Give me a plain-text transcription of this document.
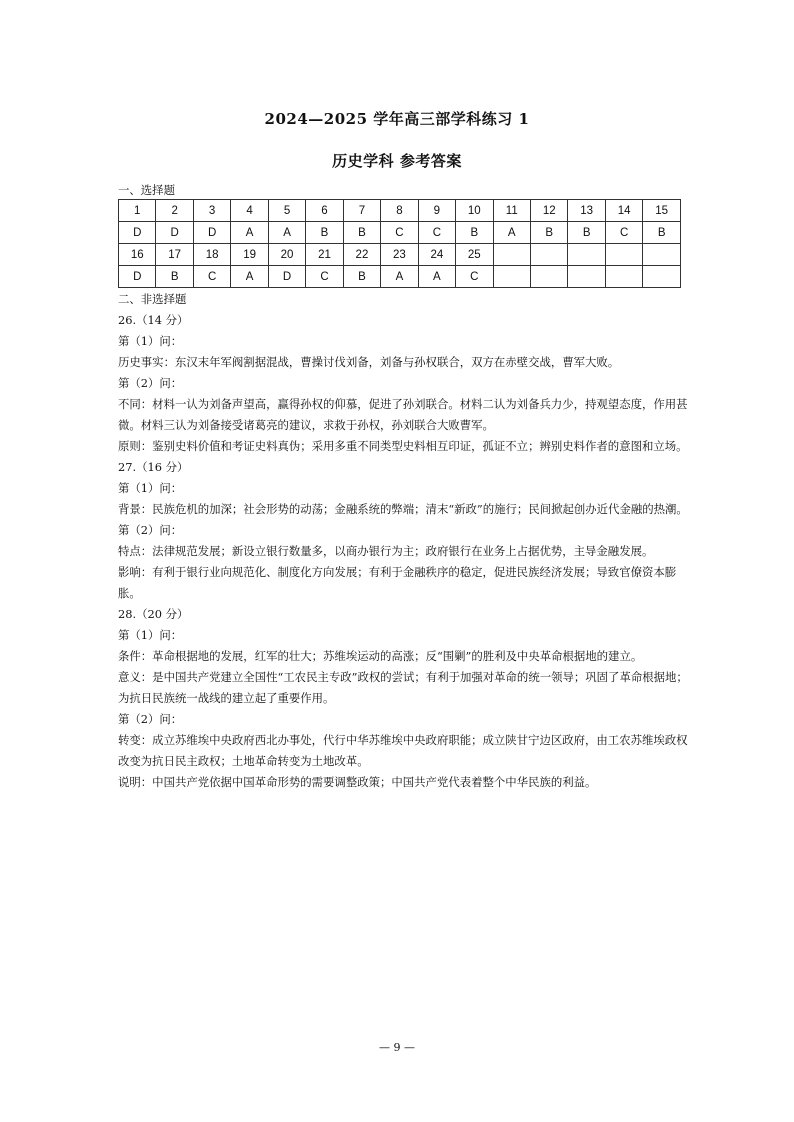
2024—2025 学年高三部学科练习 1
历史学科 参考答案
一、选择题
1	2	3	4	5	6	7	8	9	10	11	12	13	14	15
D	D	D	A	A	B	B	C	C	B	A	B	B	C	B
16	17	18	19	20	21	22	23	24	25					
D	B	C	A	D	C	B	A	A	C					
二、非选择题
26.（14 分）
第（1）问：
历史事实：东汉末年军阀割据混战，曹操讨伐刘备，刘备与孙权联合，双方在赤壁交战，曹军大败。
第（2）问：
不同：材料一认为刘备声望高，赢得孙权的仰慕，促进了孙刘联合。材料二认为刘备兵力少，持观望态度，作用甚微。材料三认为刘备接受诸葛亮的建议，求救于孙权，孙刘联合大败曹军。
原则：鉴别史料价值和考证史料真伪；采用多重不同类型史料相互印证，孤证不立；辨别史料作者的意图和立场。
27.（16 分）
第（1）问：
背景：民族危机的加深；社会形势的动荡；金融系统的弊端；清末“新政”的施行；民间掀起创办近代金融的热潮。
第（2）问：
特点：法律规范发展；新设立银行数量多，以商办银行为主；政府银行在业务上占据优势，主导金融发展。
影响：有利于银行业向规范化、制度化方向发展；有利于金融秩序的稳定，促进民族经济发展；导致官僚资本膨胀。
28.（20 分）
第（1）问：
条件：革命根据地的发展，红军的壮大；苏维埃运动的高涨；反“围剿”的胜利及中央革命根据地的建立。
意义：是中国共产党建立全国性“工农民主专政”政权的尝试；有利于加强对革命的统一领导；巩固了革命根据地；为抗日民族统一战线的建立起了重要作用。
第（2）问：
转变：成立苏维埃中央政府西北办事处，代行中华苏维埃中央政府职能；成立陕甘宁边区政府，由工农苏维埃政权改变为抗日民主政权；土地革命转变为土地改革。
说明：中国共产党依据中国革命形势的需要调整政策；中国共产党代表着整个中华民族的利益。
— 9 —
